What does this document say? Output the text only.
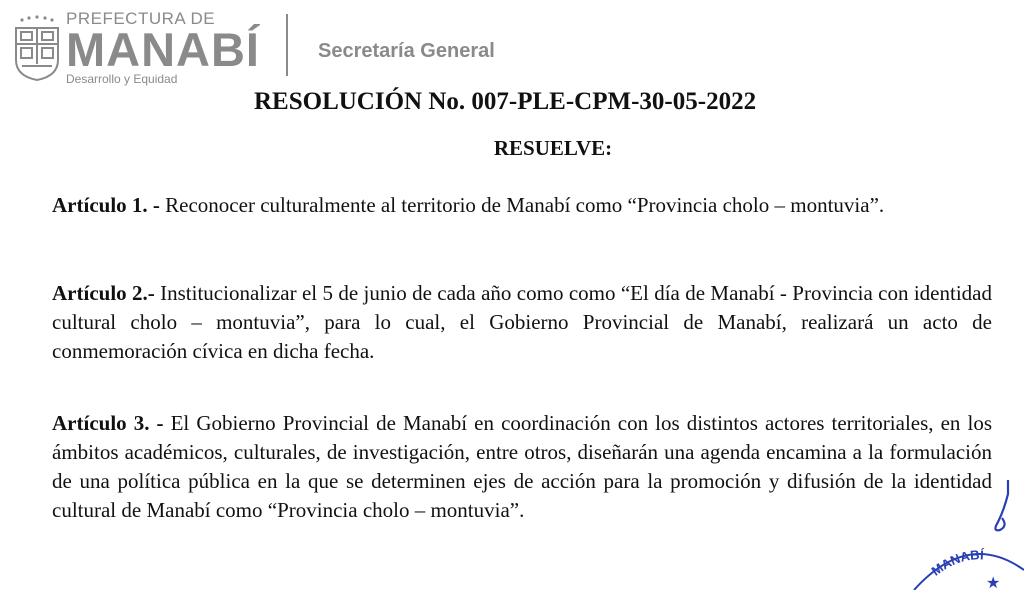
PREFECTURA DE
MANABÍ
Desarrollo y Equidad
Secretaría General
RESOLUCIÓN No. 007-PLE-CPM-30-05-2022
RESUELVE:
Artículo 1. - Reconocer culturalmente al territorio de Manabí como “Provincia cholo – montuvia”.
Artículo 2.- Institucionalizar el 5 de junio de cada año como como “El día de Manabí - Provincia con identidad cultural cholo – montuvia”, para lo cual, el Gobierno Provincial de Manabí, realizará un acto de conmemoración cívica en dicha fecha.
Artículo 3. - El Gobierno Provincial de Manabí en coordinación con los distintos actores territoriales, en los ámbitos académicos, culturales, de investigación, entre otros, diseñarán una agenda encamina a la formulación de una política pública en la que se determinen ejes de acción para la promoción y difusión de la identidad cultural de Manabí como “Provincia cholo – montuvia”.
MANABÍ
★
